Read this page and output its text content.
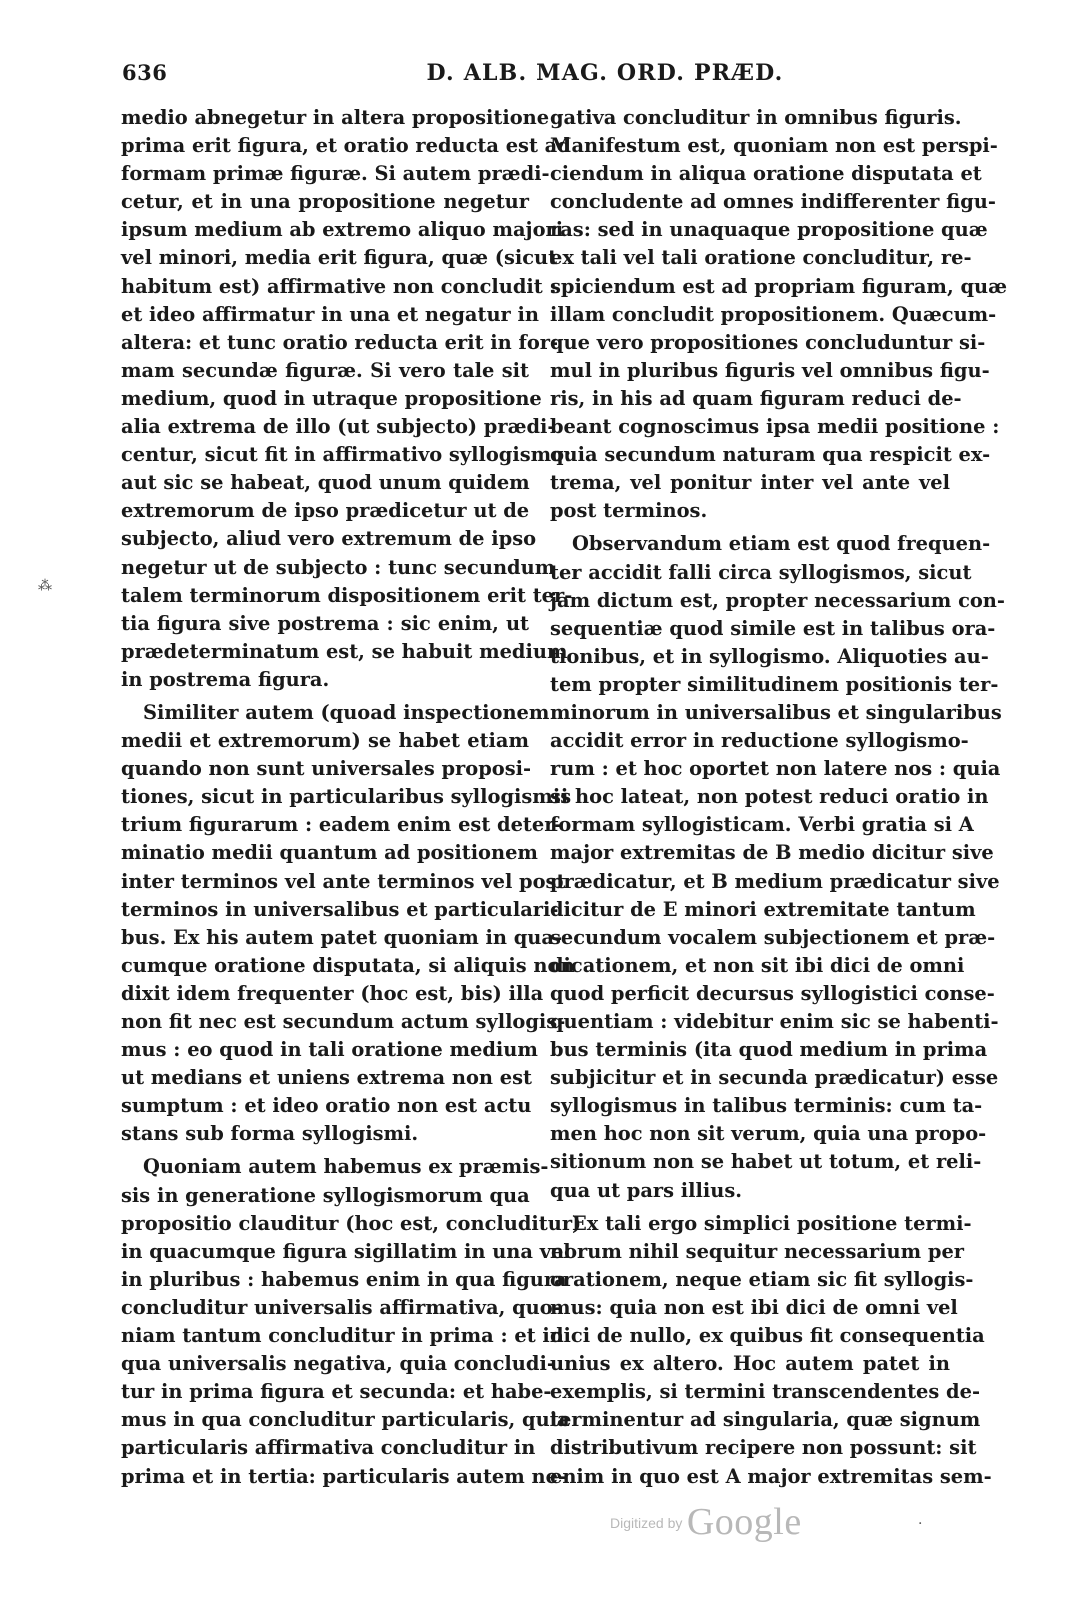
636	D. ALB. MAG. ORD. PRÆD.

medio abnegetur in altera propositione :
prima erit figura, et oratio reducta est ad
formam primæ figuræ. Si autem prædi-
cetur, et in una propositione negetur
ipsum medium ab extremo aliquo majori
vel minori, media erit figura, quæ (sicut
habitum est) affirmative non concludit :
et ideo affirmatur in una et negatur in
altera: et tunc oratio reducta erit in for-
mam secundæ figuræ. Si vero tale sit
medium, quod in utraque propositione
alia extrema de illo (ut subjecto) prædi-
centur, sicut fit in affirmativo syllogismo:
aut sic se habeat, quod unum quidem
extremorum de ipso prædicetur ut de
subjecto, aliud vero extremum de ipso
negetur ut de subjecto : tunc secundum
talem terminorum dispositionem erit ter-
tia figura sive postrema : sic enim, ut
prædeterminatum est, se habuit medium
in postrema figura.

Similiter autem (quoad inspectionem
medii et extremorum) se habet etiam
quando non sunt universales proposi-
tiones, sicut in particularibus syllogismis
trium figurarum : eadem enim est deter-
minatio medii quantum ad positionem
inter terminos vel ante terminos vel post
terminos in universalibus et particulari-
bus. Ex his autem patet quoniam in qua-
cumque oratione disputata, si aliquis non
dixit idem frequenter (hoc est, bis) illa
non fit nec est secundum actum syllogis-
mus : eo quod in tali oratione medium
ut medians et uniens extrema non est
sumptum : et ideo oratio non est actu
stans sub forma syllogismi.

Quoniam autem habemus ex præmis-
sis in generatione syllogismorum qua
propositio clauditur (hoc est, concluditur)
in quacumque figura sigillatim in una vel
in pluribus : habemus enim in qua figura
concluditur universalis affirmativa, quo-
niam tantum concluditur in prima : et in
qua universalis negativa, quia concludi-
tur in prima figura et secunda: et habe-
mus in qua concluditur particularis, quia
particularis affirmativa concluditur in
prima et in tertia: particularis autem ne-

gativa concluditur in omnibus figuris.
Manifestum est, quoniam non est perspi-
ciendum in aliqua oratione disputata et
concludente ad omnes indifferenter figu-
ras: sed in unaquaque propositione quæ
ex tali vel tali oratione concluditur, re-
spiciendum est ad propriam figuram, quæ
illam concludit propositionem. Quæcum-
que vero propositiones concluduntur si-
mul in pluribus figuris vel omnibus figu-
ris, in his ad quam figuram reduci de-
beant cognoscimus ipsa medii positione :
quia secundum naturam qua respicit ex-
trema, vel ponitur inter vel ante vel
post terminos.

Observandum etiam est quod frequen-
ter accidit falli circa syllogismos, sicut
jam dictum est, propter necessarium con-
sequentiæ quod simile est in talibus ora-
tionibus, et in syllogismo. Aliquoties au-
tem propter similitudinem positionis ter-
minorum in universalibus et singularibus
accidit error in reductione syllogismo-
rum : et hoc oportet non latere nos : quia
si hoc lateat, non potest reduci oratio in
formam syllogisticam. Verbi gratia si A
major extremitas de B medio dicitur sive
prædicatur, et B medium prædicatur sive
dicitur de E minori extremitate tantum
secundum vocalem subjectionem et præ-
dicationem, et non sit ibi dici de omni
quod perficit decursus syllogistici conse-
quentiam : videbitur enim sic se habenti-
bus terminis (ita quod medium in prima
subjicitur et in secunda prædicatur) esse
syllogismus in talibus terminis: cum ta-
men hoc non sit verum, quia una propo-
sitionum non se habet ut totum, et reli-
qua ut pars illius.

Ex tali ergo simplici positione termi-
norum nihil sequitur necessarium per
orationem, neque etiam sic fit syllogis-
mus: quia non est ibi dici de omni vel
dici de nullo, ex quibus fit consequentia
unius ex altero. Hoc autem patet in
exemplis, si termini transcendentes de-
terminentur ad singularia, quæ signum
distributivum recipere non possunt: sit
enim in quo est A major extremitas sem-

Digitized by Google
⁂
·
